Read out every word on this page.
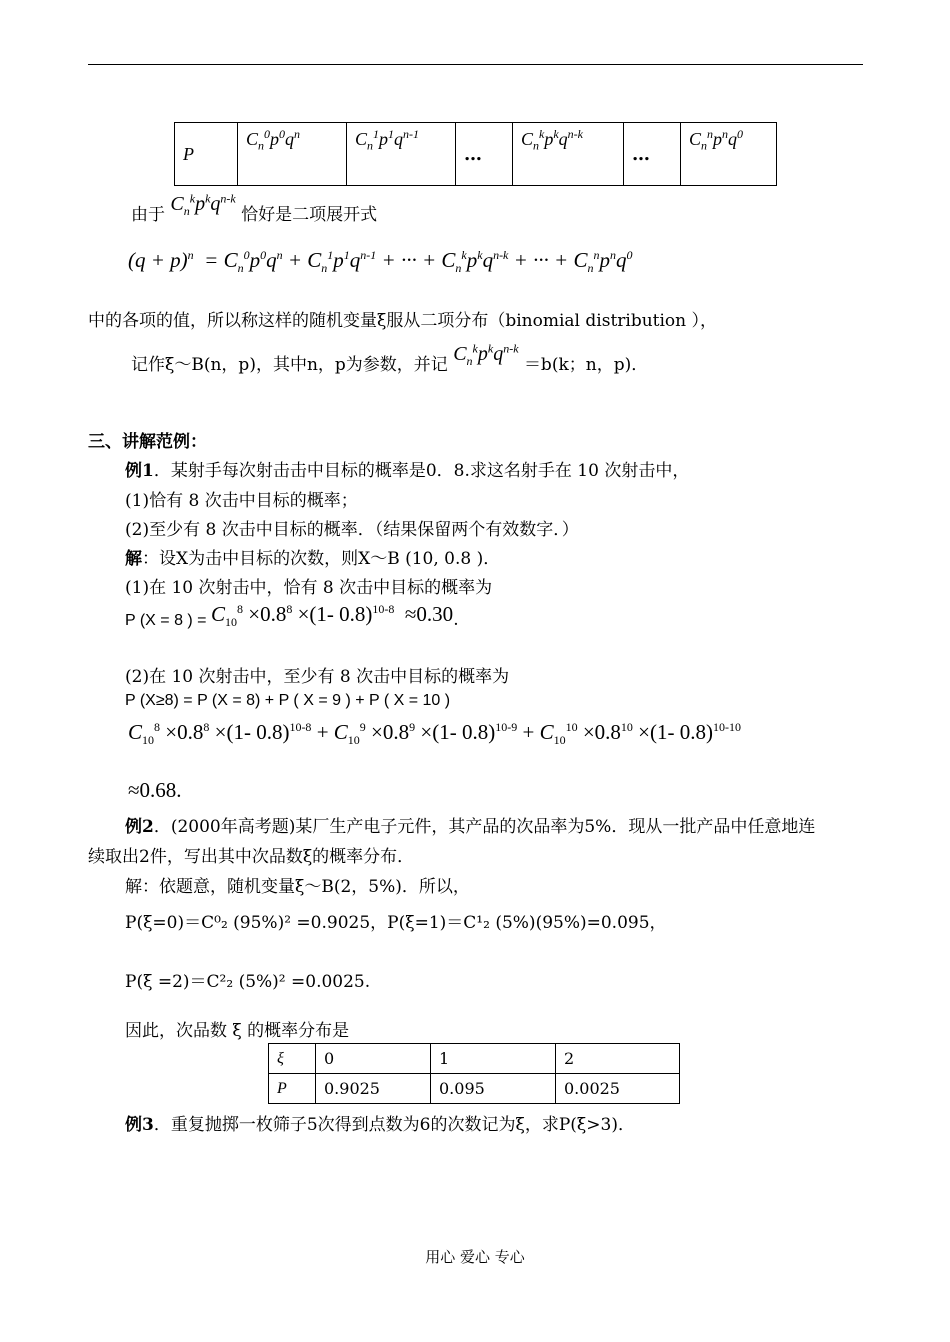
P	$C_n^0p^0q^n$	$C_n^1p^1q^{n-1}$	…	$C_n^kp^kq^{n-k}$	…	$C_n^np^nq^0$
由于 $C_n^kp^kq^{n-k}$ 恰好是二项展开式
$(q + p)^n = C_n^0p^0q^n + C_n^1p^1q^{n-1}$ + ··· + $C_n^kp^kq^{n-k}$ + ··· + $C_n^np^nq^0$
中的各项的值，所以称这样的随机变量ξ服从二项分布（binomial distribution ），
记作ξ～B(n，p)，其中n，p为参数，并记 $C_n^kp^kq^{n-k} =b(k$；n，p)．
三、讲解范例：
例1．某射手每次射击击中目标的概率是0．8.求这名射手在 10 次射击中，
(1)恰有 8 次击中目标的概率；
(2)至少有 8 次击中目标的概率．（结果保留两个有效数字．）
解：设X为击中目标的次数，则X～B (10, 0.8 )．
(1)在 10 次射击中，恰有 8 次击中目标的概率为
P (X = 8 ) = $C_{10}^8 \times 0.8^8 \times(1-$ 0.8)$^{10-8}$  ≈0.30.
(2)在 10 次射击中，至少有 8 次击中目标的概率为
P (X≥8) = P (X = 8) + P ( X = 9 ) + P ( X = 10 )
$C_{10}^8 \times 0.8^8 \times(1-$ $0.8)^{10-8} + C_{10}^9 \times 0.8^9 \times(1-$ $0.8)^{10-9} + C_{10}^{10} \times 0.8^{10} \times(1-$ 0.8)$^{10-10}$
≈0.68.
例2．(2000年高考题)某厂生产电子元件，其产品的次品率为5%．现从一批产品中任意地连
续取出2件，写出其中次品数ξ的概率分布．
解：依题意，随机变量ξ～B(2，5%)．所以，
P(ξ=0)＝C⁰₂ (95%)² =0.9025，P(ξ=1)＝C¹₂ (5%)(95%)=0.095，
P(ξ =2)＝C²₂ (5%)² =0.0025.
因此，次品数 ξ 的概率分布是
ξ	0	1	2
P	0.9025	0.095	0.0025
例3．重复抛掷一枚筛子5次得到点数为6的次数记为ξ，求P(ξ>3)．
用心 爱心 专心
